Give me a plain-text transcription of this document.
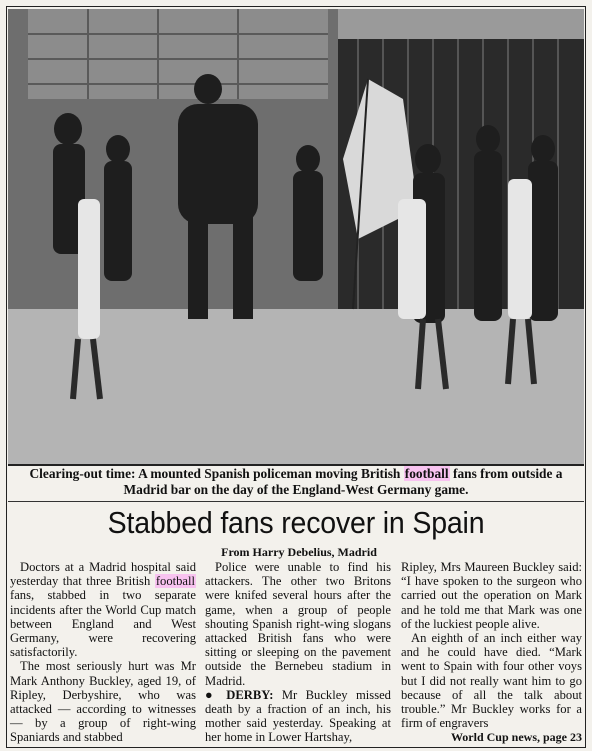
Clearing-out time: A mounted Spanish policeman moving British football fans from outside a Madrid bar on the day of the England-West Germany game.
Stabbed fans recover in Spain
From Harry Debelius, Madrid

Doctors at a Madrid hospital said yesterday that three British football fans, stabbed in two separate incidents after the World Cup match between England and West Germany, were recovering satisfactorily.

The most seriously hurt was Mr Mark Anthony Buckley, aged 19, of Ripley, Derbyshire, who was attacked — according to witnesses — by a group of right-wing Spaniards and stabbed

Police were unable to find his attackers. The other two Britons were knifed several hours after the game, when a group of people shouting Spanish right-wing slogans attacked British fans who were sitting or sleeping on the pavement outside the Bernebeu stadium in Madrid.

● DERBY: Mr Buckley missed death by a fraction of an inch, his mother said yesterday. Speaking at her home in Lower Hartshay,

Ripley, Mrs Maureen Buckley said: “I have spoken to the surgeon who carried out the operation on Mark and he told me that Mark was one of the luckiest people alive.

An eighth of an inch either way and he could have died. “Mark went to Spain with four other voys but I did not really want him to go because of all the talk about trouble.” Mr Buckley works for a firm of engravers

World Cup news, page 23
